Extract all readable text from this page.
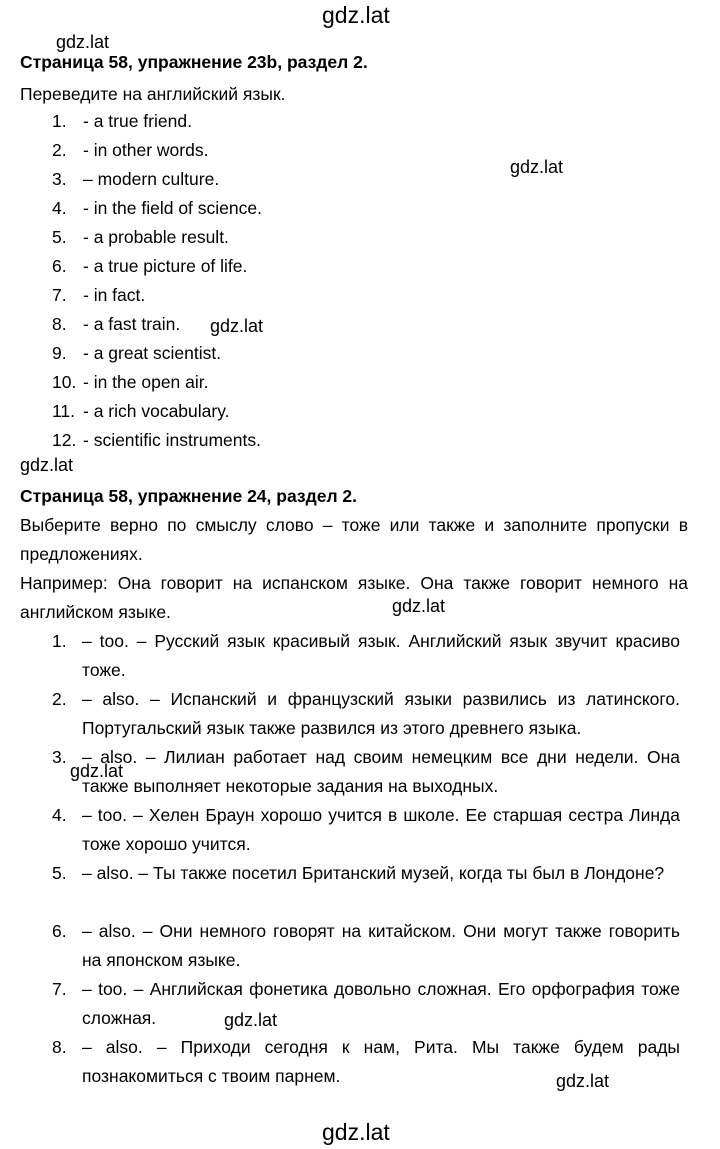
gdz.lat
gdz.lat
gdz.lat
gdz.lat
gdz.lat
gdz.lat
gdz.lat
gdz.lat
Страница 58, упражнение 23b, раздел 2.
Переведите на английский язык.
1. - a true friend.
2. - in other words.
3. – modern culture.
4. - in the field of science.
5. - a probable result.
6. - a true picture of life.
7. - in fact.
8. - a fast train.
9. - a great scientist.
10. - in the open air.
11. - a rich vocabulary.
12. - scientific instruments.
Страница 58, упражнение 24, раздел 2.
Выберите верно по смыслу слово – тоже или также и заполните пропуски в предложениях.
Например: Она говорит на испанском языке. Она также говорит немного на английском языке.
1. – too. – Русский язык красивый язык. Английский язык звучит красиво тоже.
2. – also. – Испанский и французский языки развились из латинского. Португальский язык также развился из этого древнего языка.
3. – also. – Лилиан работает над своим немецким все дни недели. Она также выполняет некоторые задания на выходных.
4. – too. – Хелен Браун хорошо учится в школе. Ее старшая сестра Линда тоже хорошо учится.
5. – also. – Ты также посетил Британский музей, когда ты был в Лондоне?
6. – also. – Они немного говорят на китайском. Они могут также говорить на японском языке.
7. – too. – Английская фонетика довольно сложная. Его орфография тоже сложная.
8. – also. – Приходи сегодня к нам, Рита. Мы также будем рады познакомиться с твоим парнем.
gdz.lat
gdz.lat
